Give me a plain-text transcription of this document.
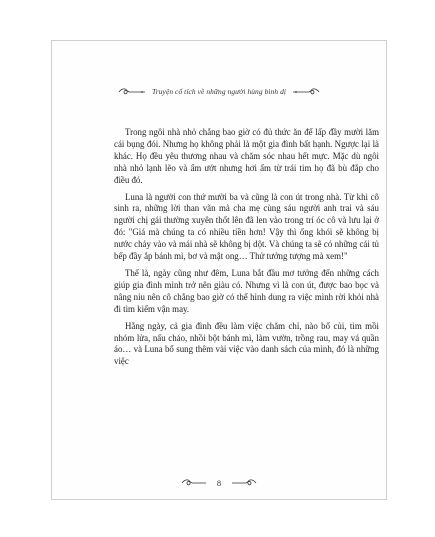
Truyện cổ tích về những người hùng bình dị

Trong ngôi nhà nhỏ chẳng bao giờ có đủ thức ăn để lấp đầy mười lăm cái bụng đói. Nhưng họ không phải là một gia đình bất hạnh. Ngược lại là khác. Họ đều yêu thương nhau và chăm sóc nhau hết mực. Mặc dù ngôi nhà nhỏ lạnh lẽo và ẩm ướt nhưng hơi ấm từ trái tim họ đã bù đắp cho điều đó.

Luna là người con thứ mười ba và cũng là con út trong nhà. Từ khi cô sinh ra, những lời than vãn mà cha mẹ cùng sáu người anh trai và sáu người chị gái thường xuyên thốt lên đã len vào trong trí óc cô và lưu lại ở đó: "Giá mà chúng ta có nhiều tiền hơn! Vậy thì ống khói sẽ không bị nước chảy vào và mái nhà sẽ không bị dột. Và chúng ta sẽ có những cái tủ bếp đầy ắp bánh mì, bơ và mật ong… Thử tưởng tượng mà xem!"

Thế là, ngày cũng như đêm, Luna bắt đầu mơ tưởng đến những cách giúp gia đình mình trở nên giàu có. Nhưng vì là con út, được bao bọc và nâng niu nên cô chẳng bao giờ có thể hình dung ra việc mình rời khỏi nhà đi tìm kiếm vận may.

Hằng ngày, cả gia đình đều làm việc chăm chỉ, nào bổ củi, tìm mồi nhóm lửa, nấu cháo, nhồi bột bánh mì, làm vườn, trồng rau, may vá quần áo… và Luna bổ sung thêm vài việc vào danh sách của mình, đó là những việc

8
